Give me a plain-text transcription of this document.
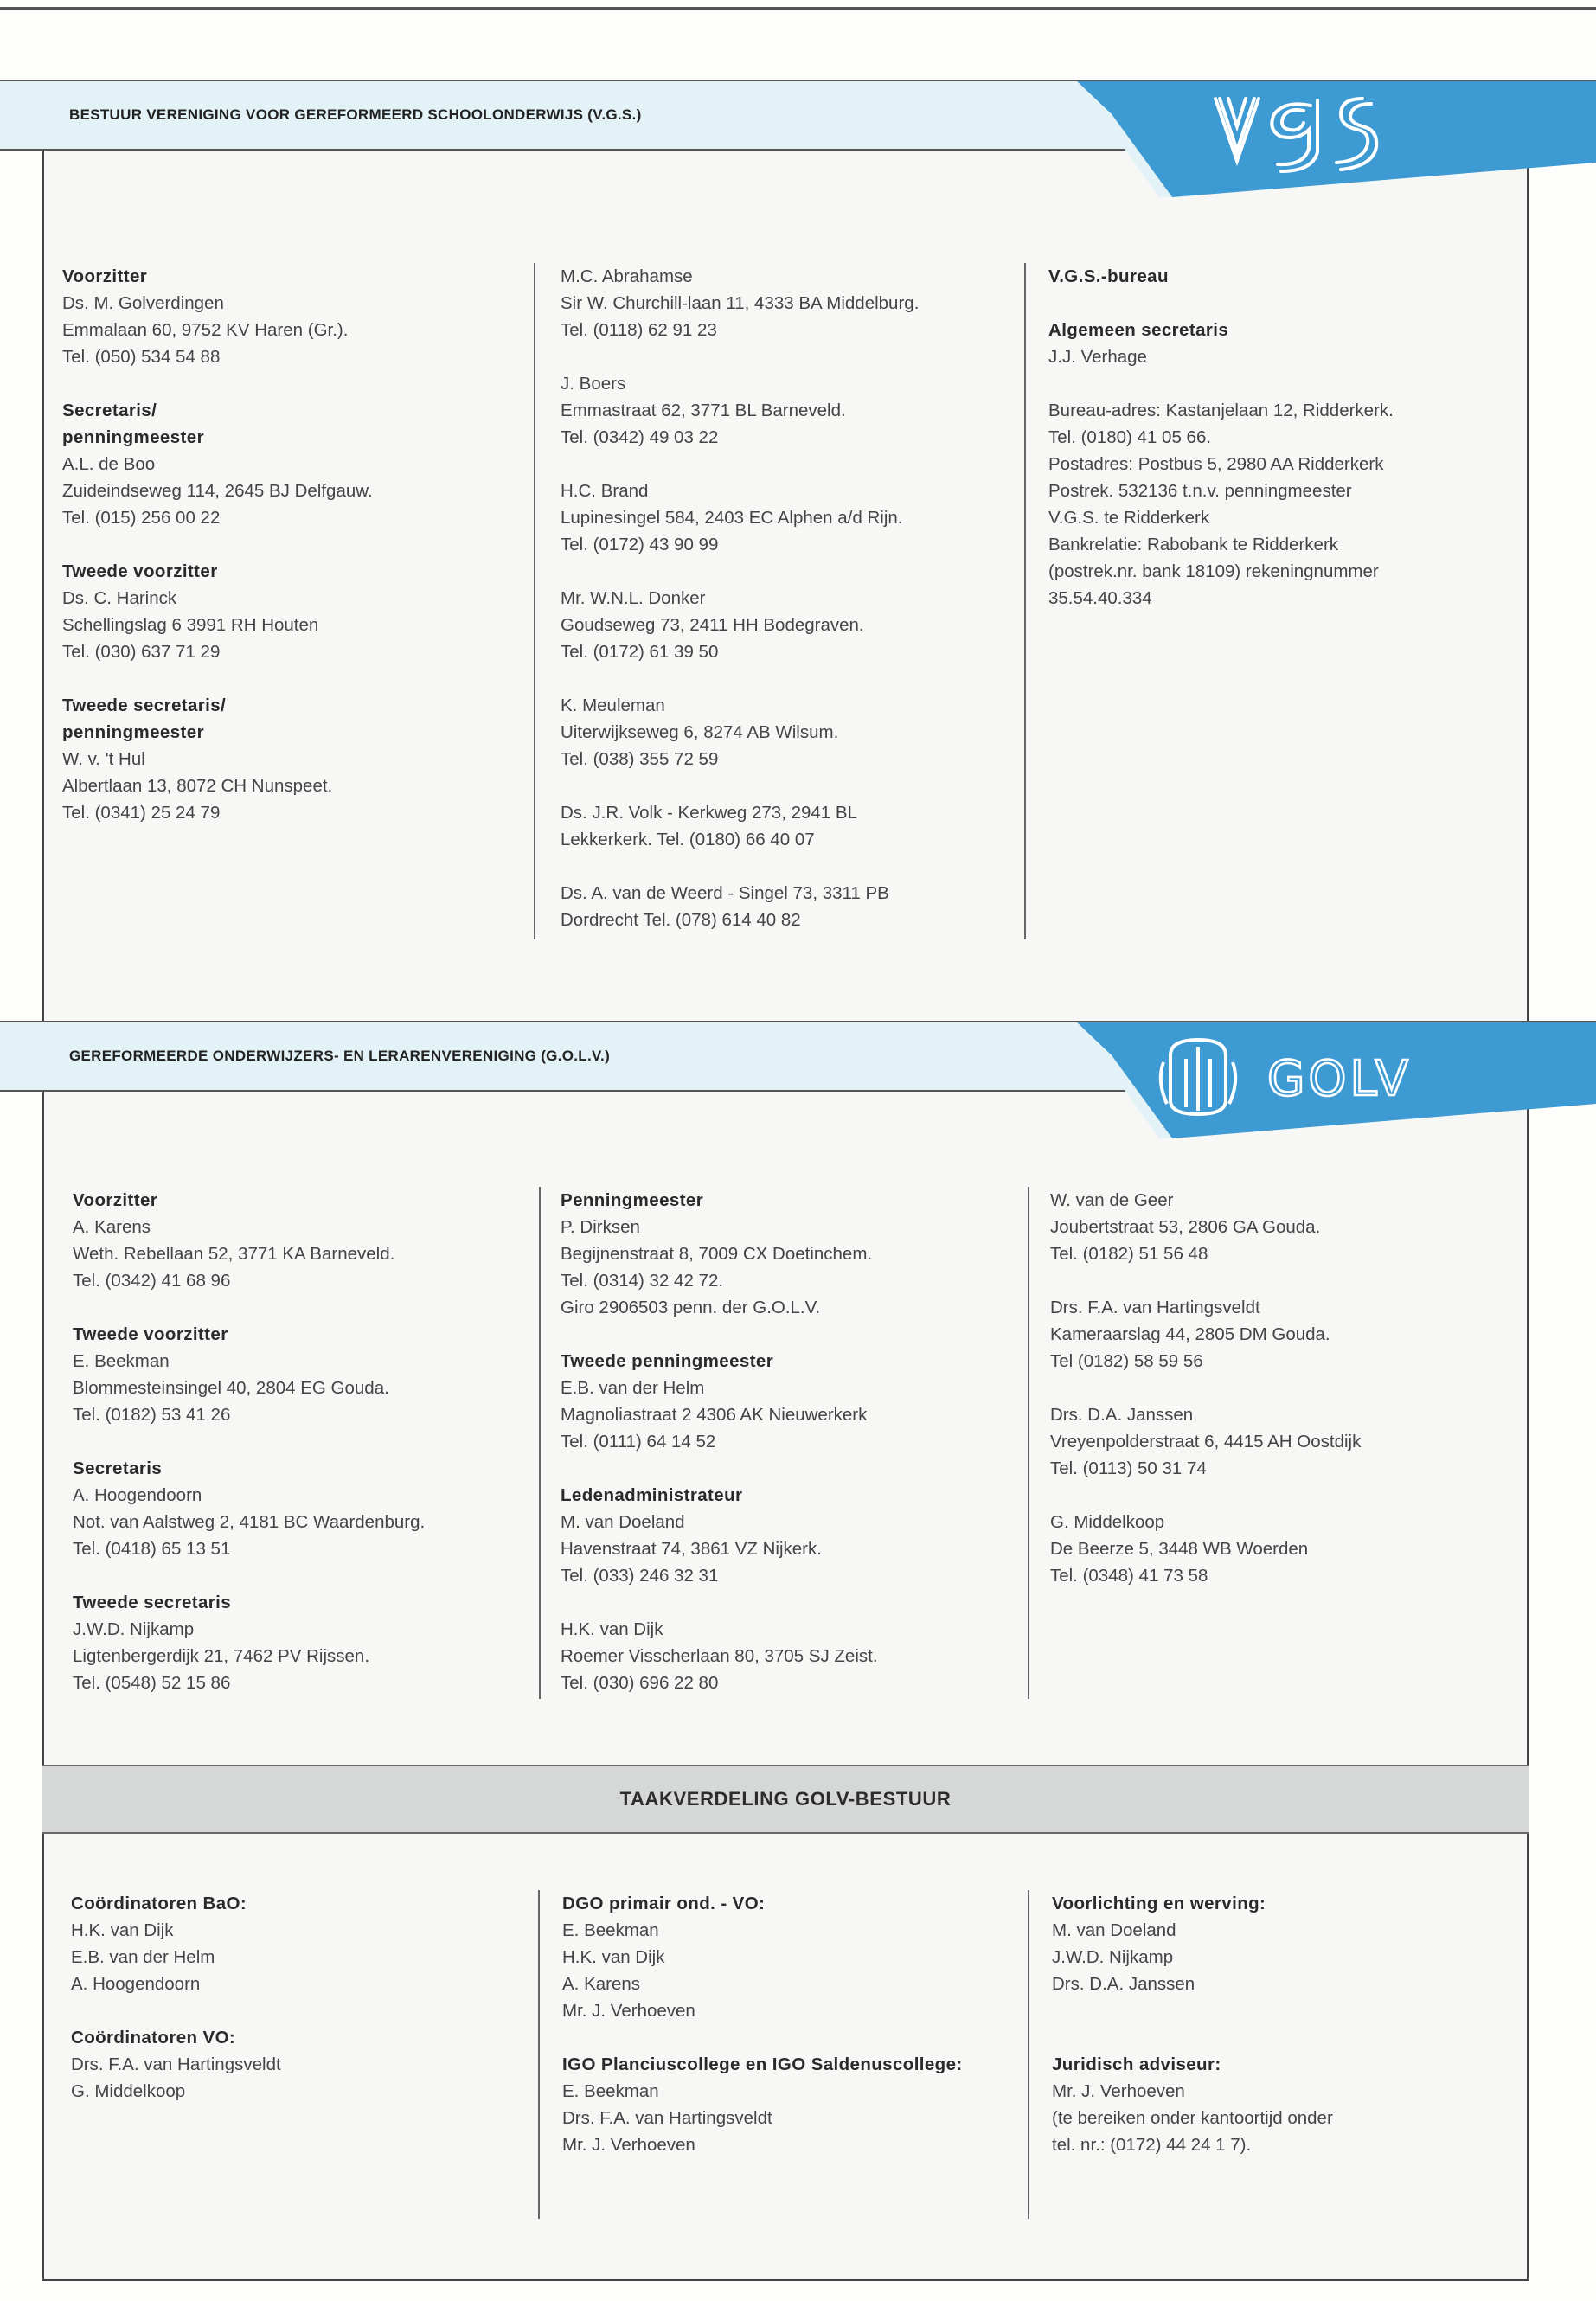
BESTUUR VERENIGING VOOR GEREFORMEERD SCHOOLONDERWIJS (V.G.S.)

Voorzitter

Ds. M. Golverdingen

Emmalaan 60, 9752 KV Haren (Gr.).

Tel. (050) 534 54 88

Secretaris/
penningmeester

A.L. de Boo

Zuideindseweg 114, 2645 BJ Delfgauw.

Tel. (015) 256 00 22

Tweede voorzitter

Ds. C. Harinck

Schellingslag 6 3991 RH Houten

Tel. (030) 637 71 29

Tweede secretaris/
penningmeester

W. v. 't Hul

Albertlaan 13, 8072 CH Nunspeet.

Tel. (0341) 25 24 79

M.C. Abrahamse

Sir W. Churchill-laan 11, 4333 BA Middelburg.

Tel. (0118) 62 91 23

J. Boers

Emmastraat 62, 3771 BL Barneveld.

Tel. (0342) 49 03 22

H.C. Brand

Lupinesingel 584, 2403 EC Alphen a/d Rijn.

Tel. (0172) 43 90 99

Mr. W.N.L. Donker

Goudseweg 73, 2411 HH Bodegraven.

Tel. (0172) 61 39 50

K. Meuleman

Uiterwijkseweg 6, 8274 AB Wilsum.

Tel. (038) 355 72 59

Ds. J.R. Volk - Kerkweg 273, 2941 BL

Lekkerkerk. Tel. (0180) 66 40 07

Ds. A. van de Weerd - Singel 73, 3311 PB

Dordrecht Tel. (078) 614 40 82

V.G.S.-bureau

Algemeen secretaris

J.J. Verhage

Bureau-adres: Kastanjelaan 12, Ridderkerk.

Tel. (0180) 41 05 66.

Postadres: Postbus 5, 2980 AA Ridderkerk

Postrek. 532136 t.n.v. penningmeester

V.G.S. te Ridderkerk

Bankrelatie: Rabobank te Ridderkerk

(postrek.nr. bank 18109) rekeningnummer

35.54.40.334

GEREFORMEERDE ONDERWIJZERS- EN LERARENVERENIGING (G.O.L.V.)	GOLV

Voorzitter

A. Karens

Weth. Rebellaan 52, 3771 KA Barneveld.

Tel. (0342) 41 68 96

Tweede voorzitter

E. Beekman

Blommesteinsingel 40, 2804 EG Gouda.

Tel. (0182) 53 41 26

Secretaris

A. Hoogendoorn

Not. van Aalstweg 2, 4181 BC Waardenburg.

Tel. (0418) 65 13 51

Tweede secretaris

J.W.D. Nijkamp

Ligtenbergerdijk 21, 7462 PV Rijssen.

Tel. (0548) 52 15 86

Penningmeester

P. Dirksen

Begijnenstraat 8, 7009 CX Doetinchem.

Tel. (0314) 32 42 72.

Giro 2906503 penn. der G.O.L.V.

Tweede penningmeester

E.B. van der Helm

Magnoliastraat 2 4306 AK Nieuwerkerk

Tel. (0111) 64 14 52

Ledenadministrateur

M. van Doeland

Havenstraat 74, 3861 VZ Nijkerk.

Tel. (033) 246 32 31

H.K. van Dijk

Roemer Visscherlaan 80, 3705 SJ Zeist.

Tel. (030) 696 22 80

W. van de Geer

Joubertstraat 53, 2806 GA Gouda.

Tel. (0182) 51 56 48

Drs. F.A. van Hartingsveldt

Kameraarslag 44, 2805 DM Gouda.

Tel (0182) 58 59 56

Drs. D.A. Janssen

Vreyenpolderstraat 6, 4415 AH Oostdijk

Tel. (0113) 50 31 74

G. Middelkoop

De Beerze 5, 3448 WB Woerden

Tel. (0348) 41 73 58

TAAKVERDELING GOLV-BESTUUR

Coördinatoren BaO:

H.K. van Dijk

E.B. van der Helm

A. Hoogendoorn

Coördinatoren VO:

Drs. F.A. van Hartingsveldt

G. Middelkoop

DGO primair ond. - VO:

E. Beekman

H.K. van Dijk

A. Karens

Mr. J. Verhoeven

IGO Planciuscollege en IGO Saldenuscollege:

E. Beekman

Drs. F.A. van Hartingsveldt

Mr. J. Verhoeven

Voorlichting en werving:

M. van Doeland

J.W.D. Nijkamp

Drs. D.A. Janssen

Juridisch adviseur:

Mr. J. Verhoeven

(te bereiken onder kantoortijd onder

tel. nr.: (0172) 44 24 1 7).
